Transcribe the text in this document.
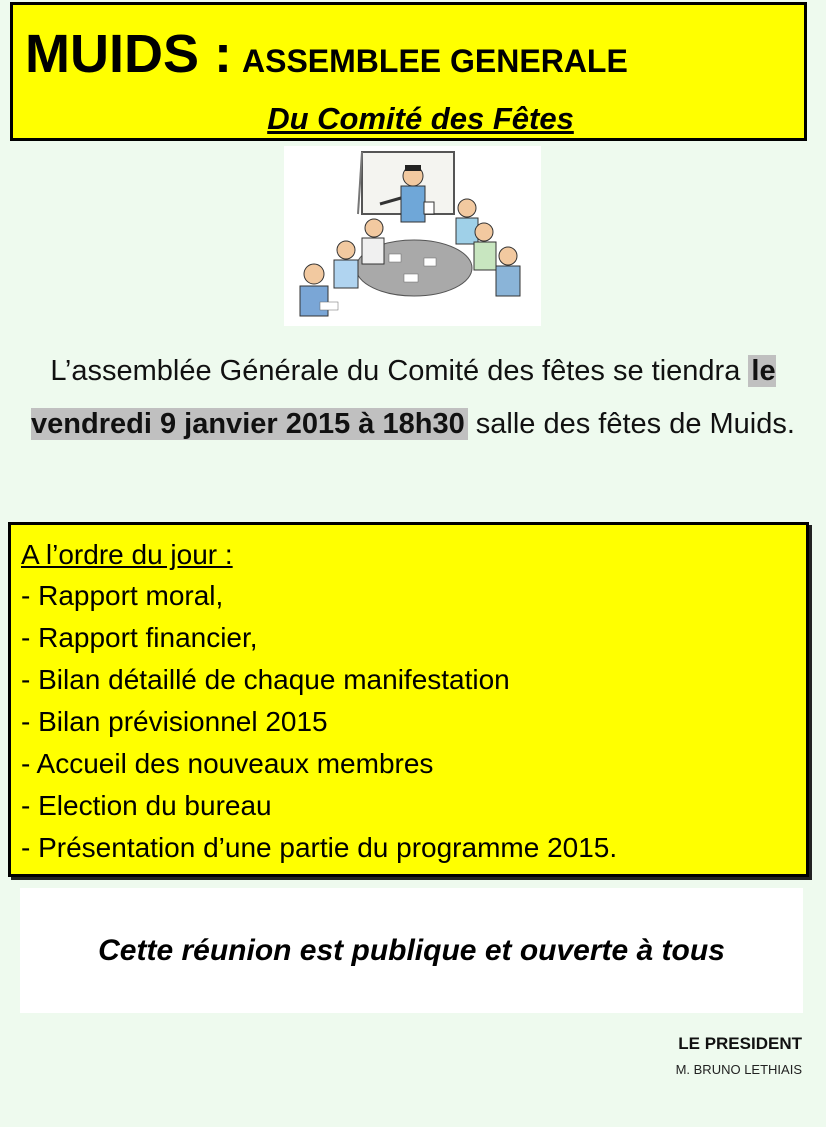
MUIDS : ASSEMBLEE GENERALE
Du Comité des Fêtes
L’assemblée Générale du Comité des fêtes se tiendra le vendredi 9 janvier 2015 à 18h30 salle des fêtes de Muids.
A l’ordre du jour :
- Rapport moral,
- Rapport financier,
- Bilan détaillé de chaque manifestation
- Bilan prévisionnel 2015
- Accueil des nouveaux membres
- Election du bureau
- Présentation d’une partie du programme 2015.
Cette réunion est publique et ouverte à tous
LE PRESIDENT
M. BRUNO LETHIAIS
